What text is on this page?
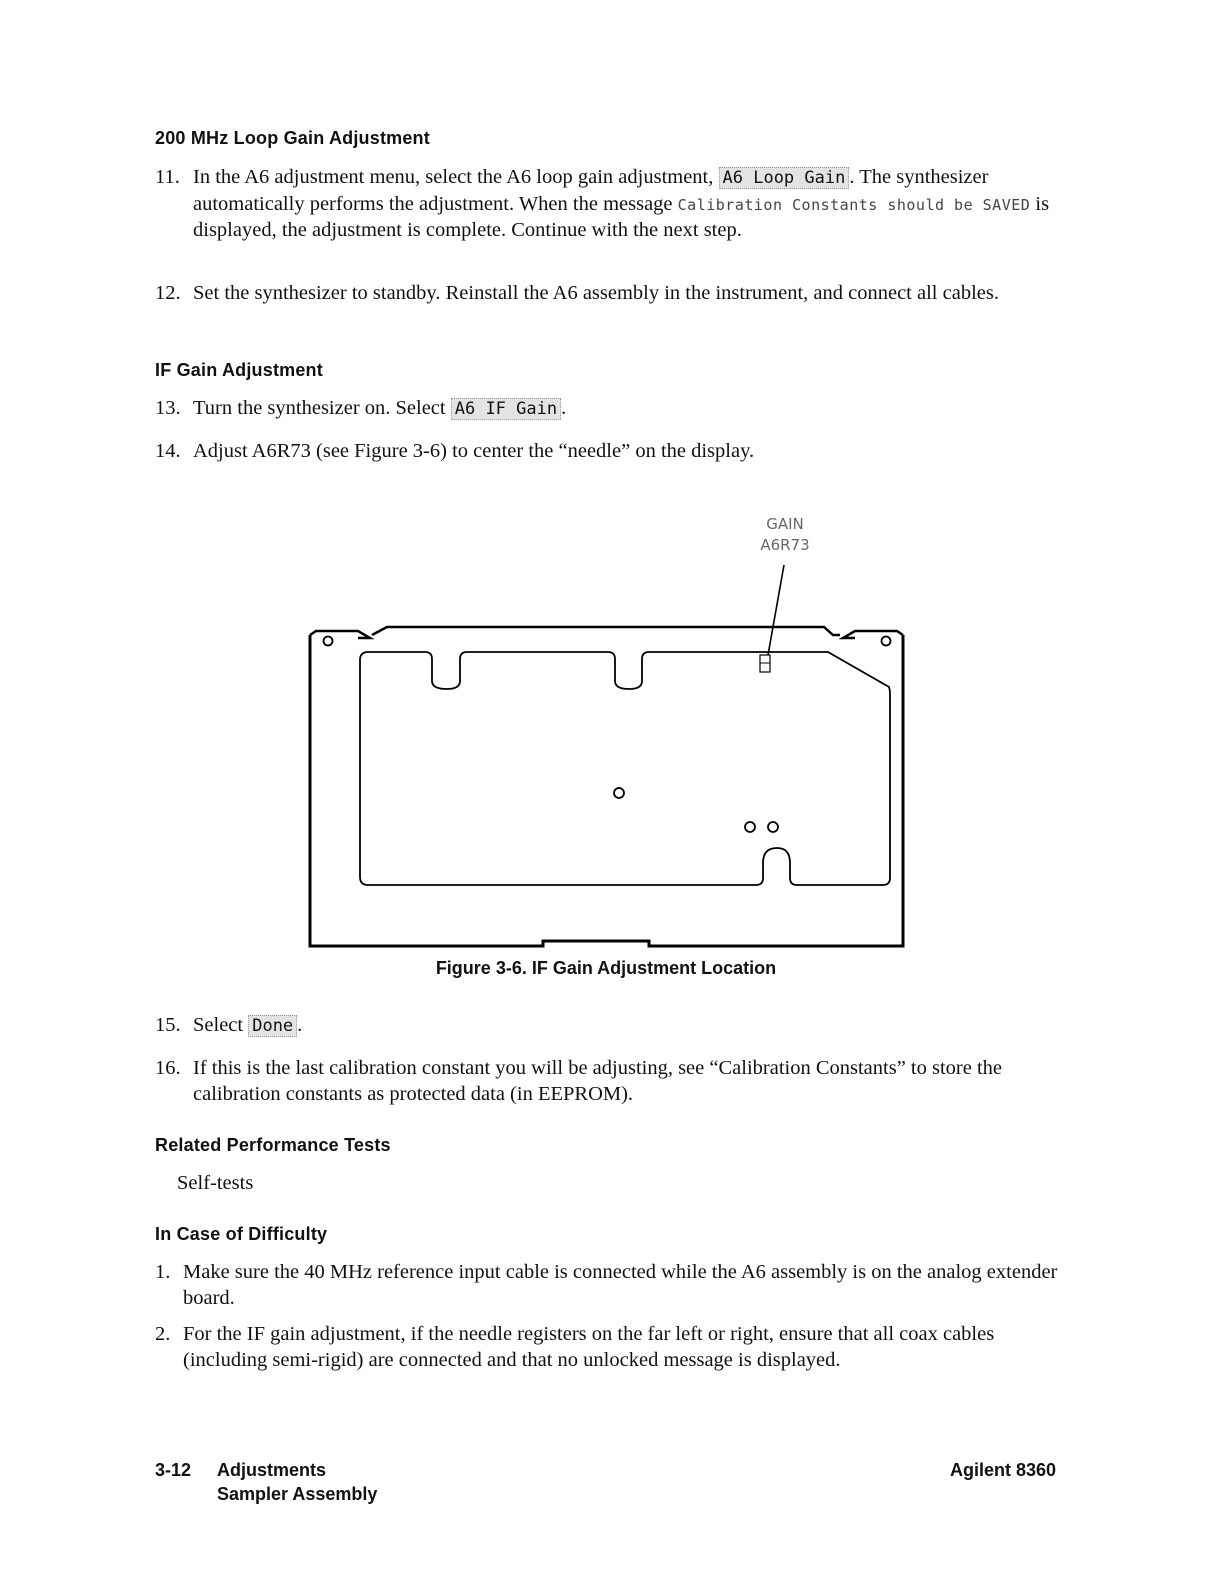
200 MHz Loop Gain Adjustment
11. In the A6 adjustment menu, select the A6 loop gain adjustment, A6 Loop Gain . The synthesizer automatically performs the adjustment. When the message Calibration Constants should be SAVED is displayed, the adjustment is complete. Continue with the next step.
12. Set the synthesizer to standby. Reinstall the A6 assembly in the instrument, and connect all cables.
IF Gain Adjustment
13. Turn the synthesizer on. Select A6 IF Gain .
14. Adjust A6R73 (see Figure 3-6) to center the “needle” on the display.
GAIN
A6R73

Figure 3-6. IF Gain Adjustment Location

15. Select Done .
16. If this is the last calibration constant you will be adjusting, see “Calibration Constants” to store the calibration constants as protected data (in EEPROM).
Related Performance Tests

Self-tests

In Case of Difficulty
1. Make sure the 40 MHz reference input cable is connected while the A6 assembly is on the analog extender board.
2. For the IF gain adjustment, if the needle registers on the far left or right, ensure that all coax cables (including semi-rigid) are connected and that no unlocked message is displayed.

3-12 Adjustments

Sampler Assembly

Agilent 8360
